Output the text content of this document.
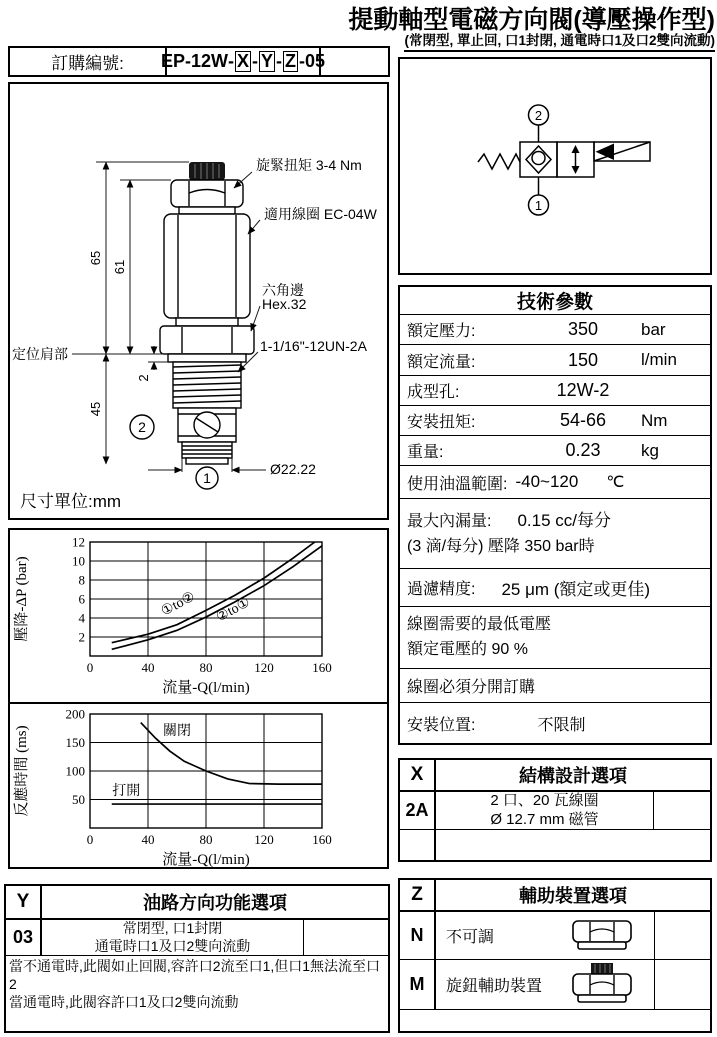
提動軸型電磁方向閥(導壓操作型)
(常閉型, 單止回, 口1封閉, 通電時口1及口2雙向流動)
訂購編號:	EP-12W - X - Y - Z - 05
65
61
45
2
Ø22.22
定位肩部
旋緊扭矩 3-4 Nm
適用線圈 EC-04W
六角邊
Hex.32
1-1/16"-12UN-2A
2
1
尺寸單位:mm
2
1
技術參數
額定壓力:	350	bar
額定流量:	150	l/min
成型孔:	12W-2
安裝扭矩:	54-66	Nm
重量:	0.23	kg
使用油溫範圍: -40~120 ℃
最大內漏量: 0.15 cc/每分
(3 滴/每分) 壓降 350 bar時
過濾精度: 25 μm (額定或更佳)
線圈需要的最低電壓
額定電壓的 90 %
線圈必須分開訂購
安裝位置:	不限制
0	40	80	120	160
2
4
6
8
10
12
①to② ②to①
流量-Q(l/min)
壓降-ΔP (bar)
0	40	80	120	160
50
100
150
200
關閉
打開
流量-Q(l/min)
反應時間 (ms)	X	結構設計選項
2A	2 口、20 瓦線圈
Ø 12.7 mm 磁管
Y	油路方向功能選項
03	常閉型, 口1封閉
通電時口1及口2雙向流動
當不通電時,此閥如止回閥,容許口2流至口1,但口1無法流至口2
當通電時,此閥容許口1及口2雙向流動
Z	輔助裝置選項
N	不可調
M	旋鈕輔助裝置
